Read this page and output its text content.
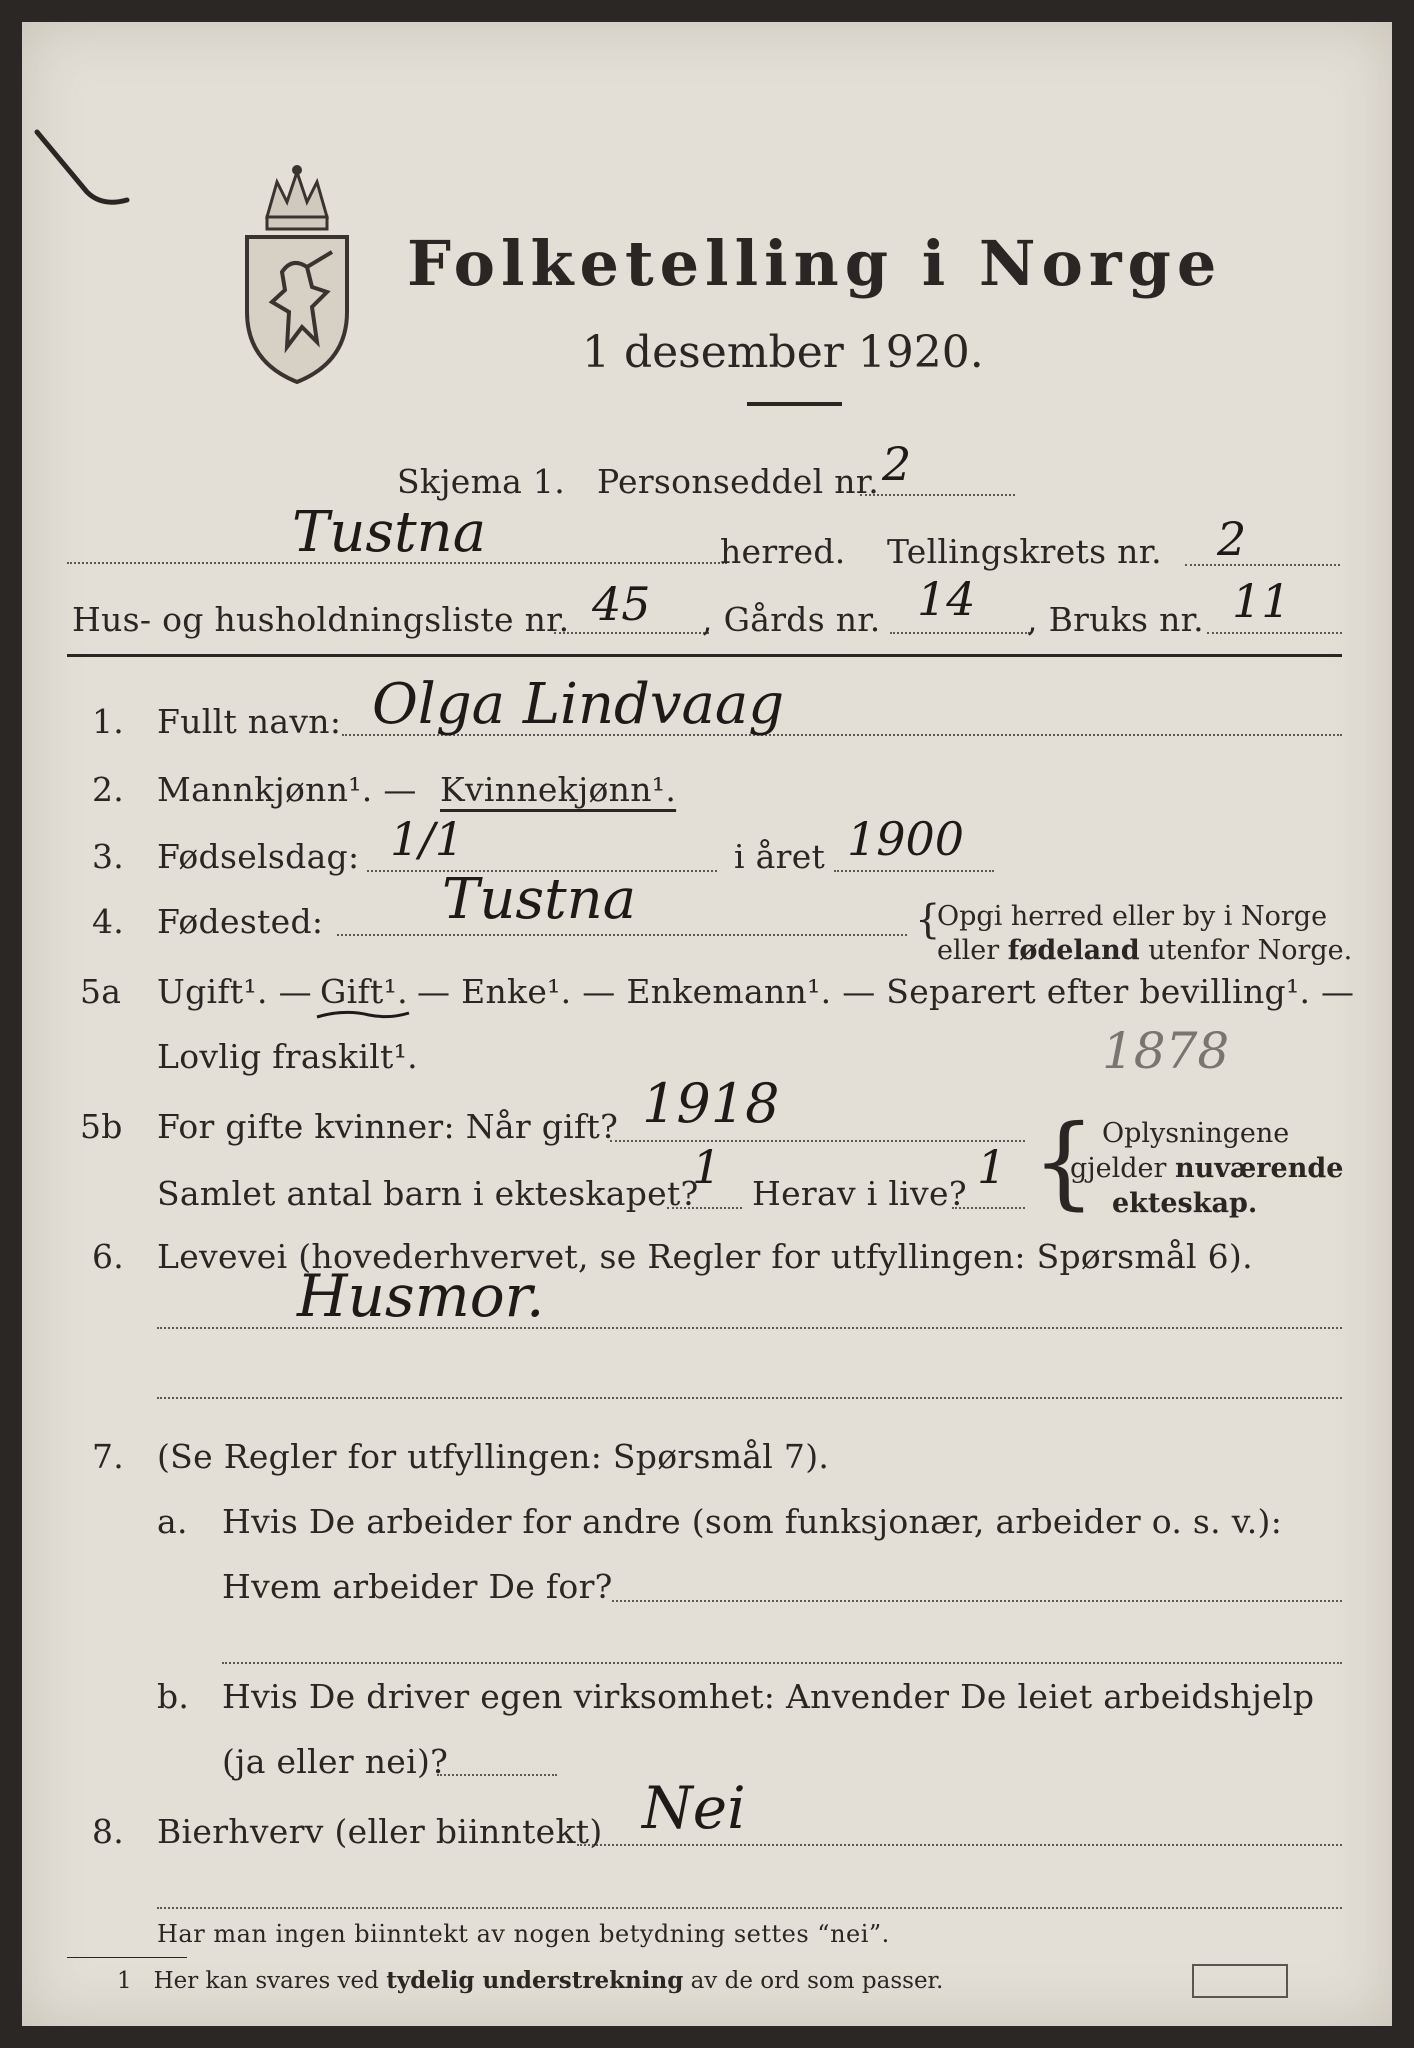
Folketelling i Norge
1 desember 1920.
Skjema 1. Personseddel nr. 2
Tustna	herred. Tellingskrets nr. 2
Hus- og husholdningsliste nr. 45 , Gårds nr. 14 , Bruks nr. 11
1. Fullt navn: Olga Lindvaag
2. Mannkjønn¹. — Kvinnekjønn¹.
3. Fødselsdag: 1/1	i året 1900
4. Fødested: Tustna	{
Opgi herred eller by i Norge
eller fødeland utenfor Norge.
5a Ugift¹. — Gift¹. — Enke¹. — Enkemann¹. — Separert efter bevilling¹. —
Lovlig fraskilt¹.	1878
5b For gifte kvinner: Når gift? 1918
Samlet antal barn i ekteskapet?
1 Herav i live? 1 { Oplysningene
gjelder nuværende
ekteskap.
6. Levevei (hovederhvervet, se Regler for utfyllingen: Spørsmål 6).
Husmor.
7. (Se Regler for utfyllingen: Spørsmål 7).
a. Hvis De arbeider for andre (som funksjonær, arbeider o. s. v.):
Hvem arbeider De for?
b. Hvis De driver egen virksomhet: Anvender De leiet arbeidshjelp
(ja eller nei)?
8. Bierhverv (eller biinntekt) Nei
Har man ingen biinntekt av nogen betydning settes “nei”.
1 Her kan svares ved tydelig understrekning av de ord som passer.
